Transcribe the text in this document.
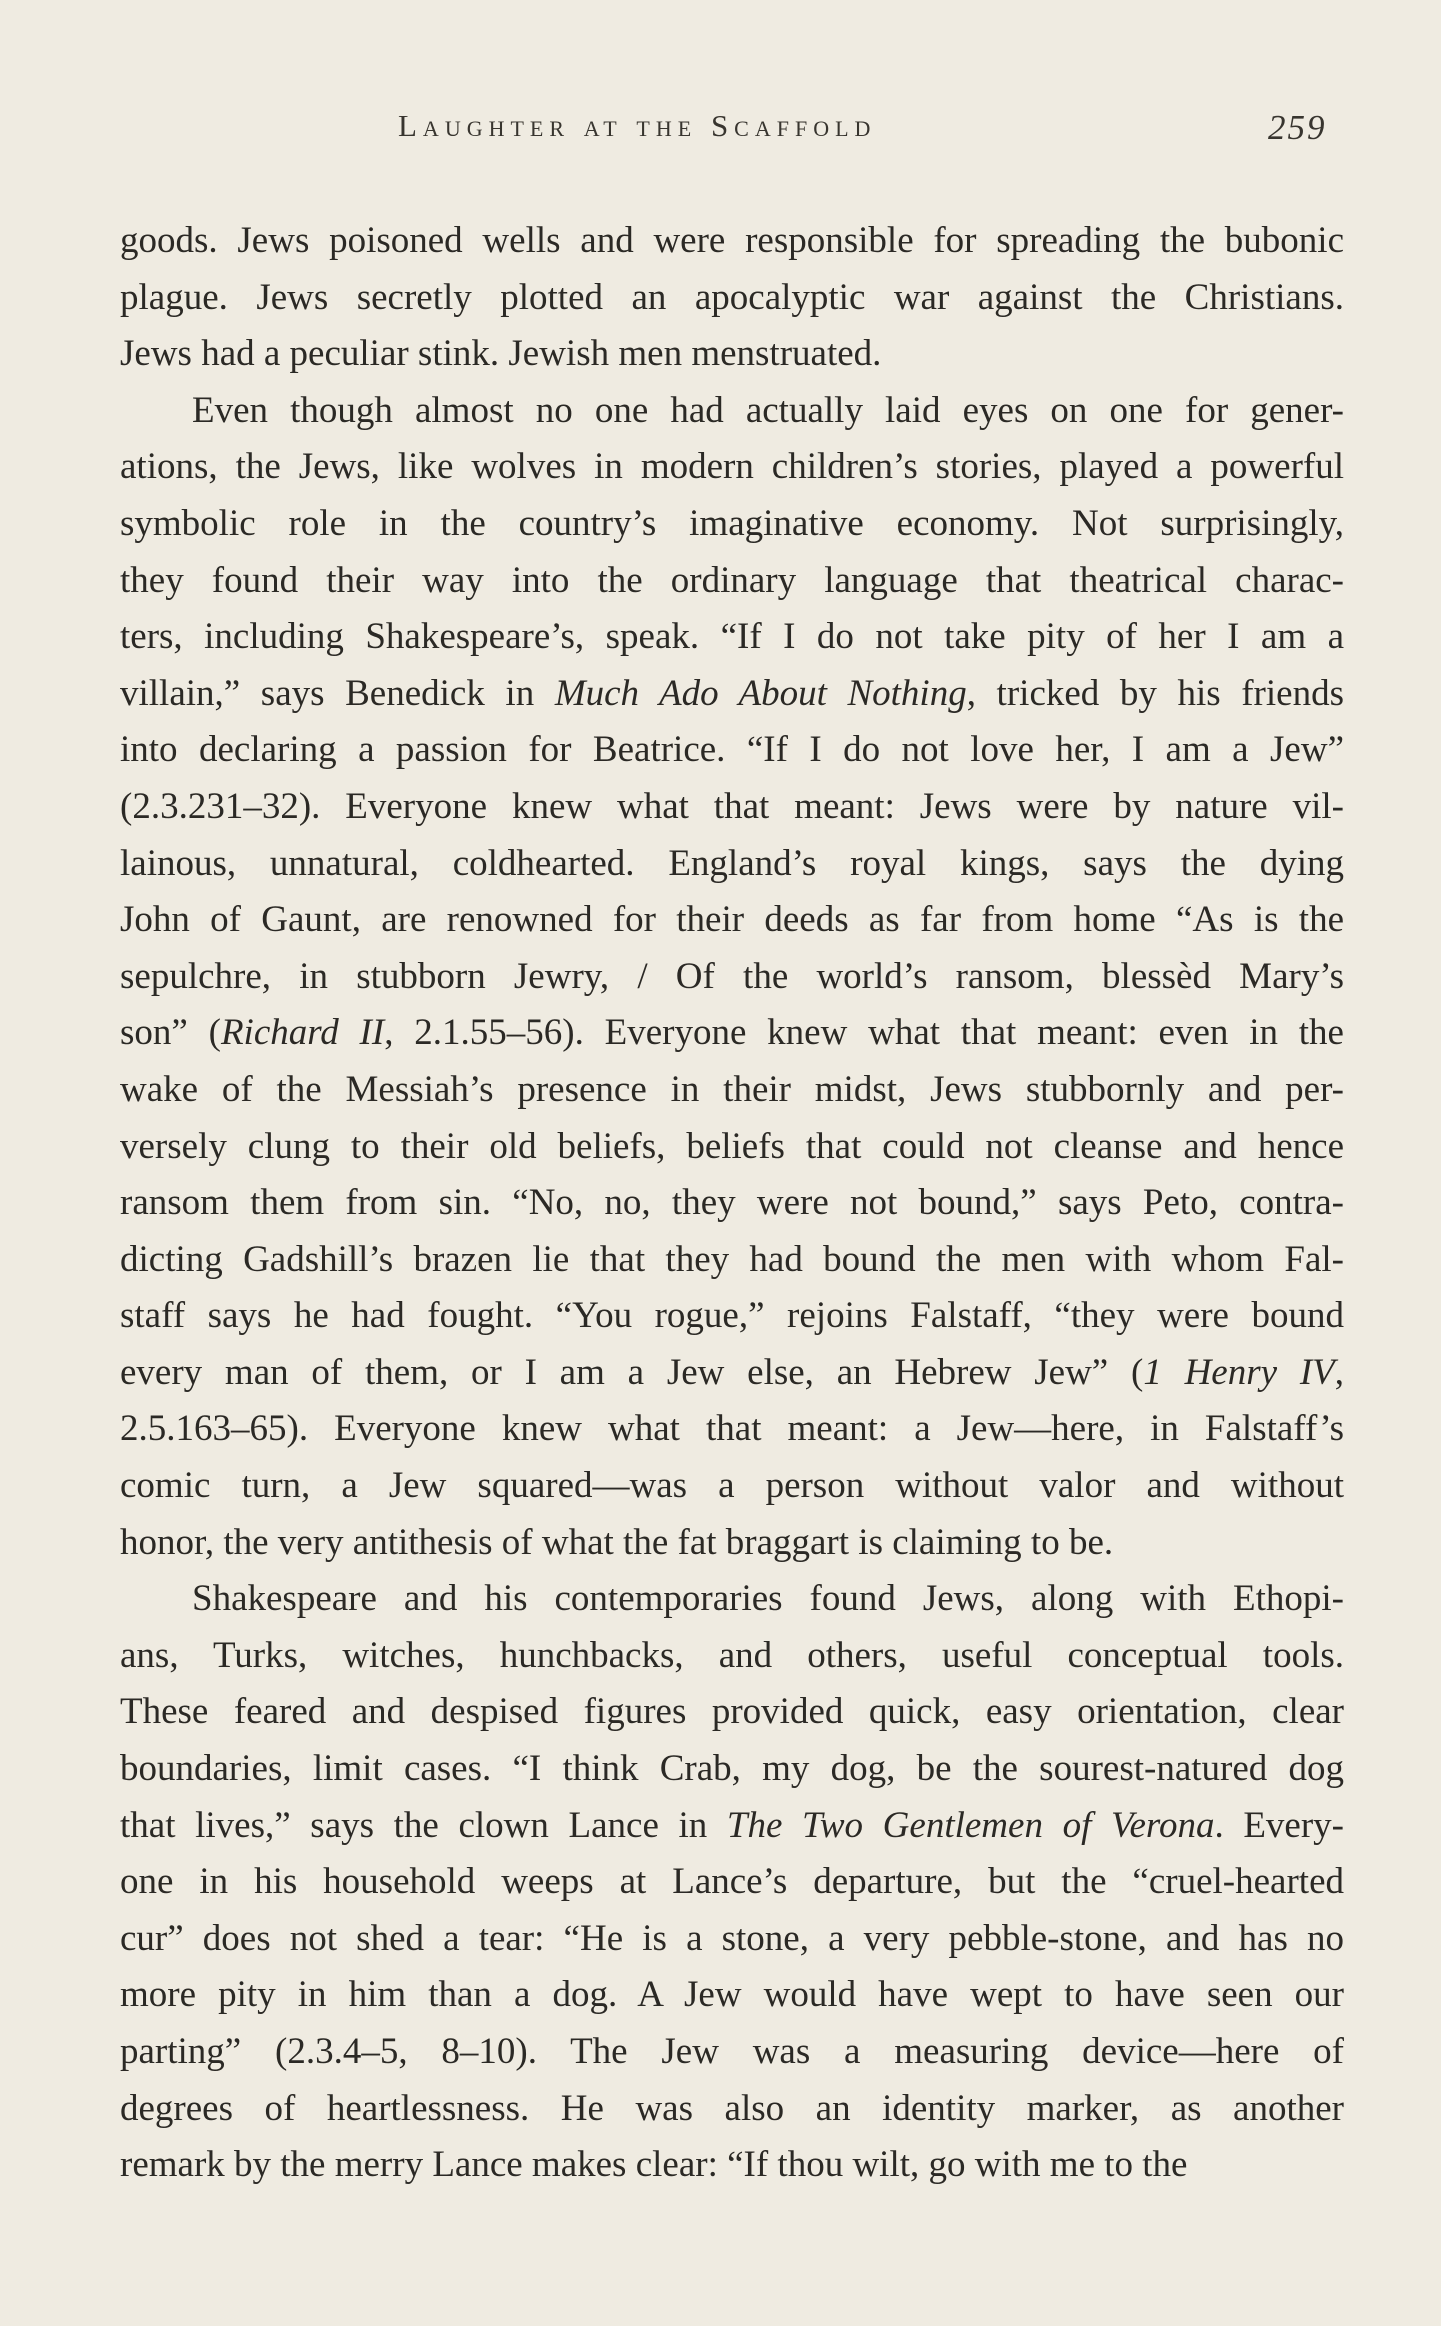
Laughter at the Scaffold	259

goods. Jews poisoned wells and were responsible for spreading the bubonic
plague. Jews secretly plotted an apocalyptic war against the Christians.
Jews had a peculiar stink. Jewish men menstruated.

Even though almost no one had actually laid eyes on one for gener-
ations, the Jews, like wolves in modern children’s stories, played a powerful
symbolic role in the country’s imaginative economy. Not surprisingly,
they found their way into the ordinary language that theatrical charac-
ters, including Shakespeare’s, speak. “If I do not take pity of her I am a
villain,” says Benedick in Much Ado About Nothing, tricked by his friends
into declaring a passion for Beatrice. “If I do not love her, I am a Jew”
(2.3.231–32). Everyone knew what that meant: Jews were by nature vil-
lainous, unnatural, coldhearted. England’s royal kings, says the dying
John of Gaunt, are renowned for their deeds as far from home “As is the
sepulchre, in stubborn Jewry, / Of the world’s ransom, blessèd Mary’s
son” (Richard II, 2.1.55–56). Everyone knew what that meant: even in the
wake of the Messiah’s presence in their midst, Jews stubbornly and per-
versely clung to their old beliefs, beliefs that could not cleanse and hence
ransom them from sin. “No, no, they were not bound,” says Peto, contra-
dicting Gadshill’s brazen lie that they had bound the men with whom Fal-
staff says he had fought. “You rogue,” rejoins Falstaff, “they were bound
every man of them, or I am a Jew else, an Hebrew Jew” (1 Henry IV,
2.5.163–65). Everyone knew what that meant: a Jew—here, in Falstaff’s
comic turn, a Jew squared—was a person without valor and without
honor, the very antithesis of what the fat braggart is claiming to be.

Shakespeare and his contemporaries found Jews, along with Ethopi-
ans, Turks, witches, hunchbacks, and others, useful conceptual tools.
These feared and despised figures provided quick, easy orientation, clear
boundaries, limit cases. “I think Crab, my dog, be the sourest-natured dog
that lives,” says the clown Lance in The Two Gentlemen of Verona. Every-
one in his household weeps at Lance’s departure, but the “cruel-hearted
cur” does not shed a tear: “He is a stone, a very pebble-stone, and has no
more pity in him than a dog. A Jew would have wept to have seen our
parting” (2.3.4–5, 8–10). The Jew was a measuring device—here of
degrees of heartlessness. He was also an identity marker, as another
remark by the merry Lance makes clear: “If thou wilt, go with me to the
